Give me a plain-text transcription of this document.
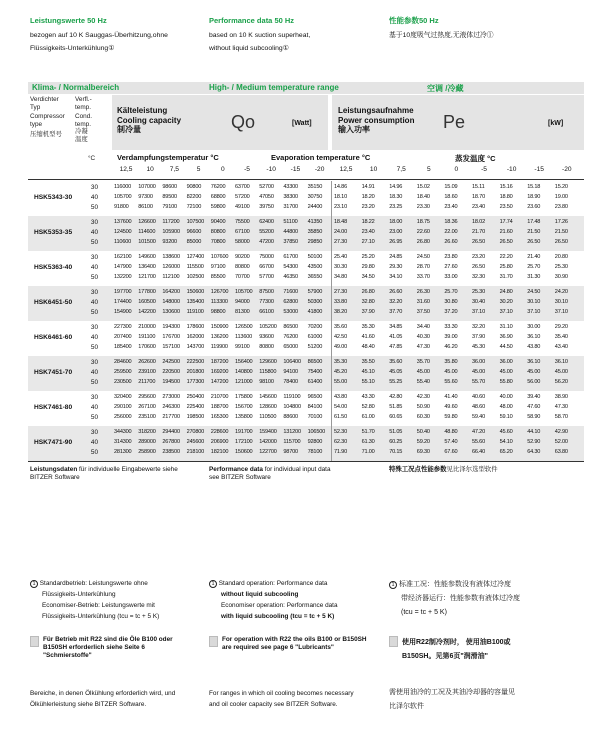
Leistungswerte 50 Hz
bezogen auf 10 K Sauggas-Überhitzung,ohne
Flüssigkeits-Unterkühlung①
Performance data 50 Hz
based on 10 K suction superheat,
without liquid subcooling①
性能参数50 Hz
基于10度吸气过热度,无液体过冷①
Klima- / Normalbereich	High- / Medium temperature range	空调 /冷藏
Verdichter
Typ
Compressor
type
压缩机型号
Verfl.-
temp.
Cond.
temp.
冷凝
温度
°C
Kälteleistung
Cooling capacity
制冷量	Qo	[Watt]
Leistungsaufnahme
Power consumption
输入功率	Pe	[kW]
Verdampfungstemperatur °C	Evaporation temperature °C	蒸发温度 °C
12,5	10	7,5	5	0	-5	-10	-15	-20	12,5	10	7,5	5	0	-5	-10	-15	-20
HSK5343-30
30	116000 107000 98600 90800 76200 63700 52700 43300 35150 14.86	14.91	14.96	15.02	15.09	15.11	15.16	15.18	15.20
40	105700 97300 89500 82200 68800 57200 47050 38300 30750 18.10	18.20	18.30	18.40	18.60	18.70	18.80	18.90	19.00
50	91800 86100 79100 72100 59800 49100 39750 31700 24400 23.10	23.20	23.25	23.30	23.40	23.40	23.50	23.60	23.80
HSK5353-35
30	137600 126600 117200 107500 90400 75500 62400 51100 41350 18.48	18.22	18.00	18.75	18.36	18.02	17.74	17.48	17.26
40	124500 114600 105900 96600 80800 67100 55200 44800 35850 24.00	23.40	23.00	22.60	22.00	21.70	21.60	21.50	21.50
50	110600 101500 93200 85000 70800 58000 47200 37850 29850 27.30	27.10	26.95	26.80	26.60	26.50	26.50	26.50	26.50
HSK5363-40
30	162100 149600 138600 127400 107600 90200 75000 61700 50100 25.40	25.20	24.85	24.50	23.80	23.20	22.20	21.40	20.80
40	147900 136400 126000 115500 97100 80800 66700 54300 43500 30.30	29.80	29.30	28.70	27.60	26.50	25.80	25.70	25.30
50	132200 121700 112100 102500 85500 70700 57700 46350 36550 34.80	34.50	34.10	33.70	33.00	32.30	31.70	31.30	30.90
HSK6451-50
30	197700 177800 164200 150600 126700 105700 87500 71600 57900 27.30	26.80	26.60	26.30	25.70	25.30	24.80	24.50	24.20
40	174400 160500 148000 135400 113300 94000 77300 62800 50300 33.80	32.80	32.20	31.60	30.80	30.40	30.20	30.10	30.10
50	154900 142200 130600 119100 98800 81300 66100 53000 41800 38.20	37.90	37.70	37.50	37.20	37.10	37.10	37.10	37.10
HSK6461-60
30	227300 210000 194300 178600 150900 126500 105200 86500 70200 35.60	35.30	34.85	34.40	33.30	32.20	31.10	30.00	29.20
40	207400 191100 176700 162000 136200 113600 93600 76200 61000 42.50	41.60	41.05	40.30	39.00	37.90	36.90	36.10	35.40
50	185400 170600 157100 143700 119900 99100 80800 65000 51200 49.00	48.40	47.85	47.30	46.20	45.30	44.50	43.80	43.40
HSK7451-70
30	284600 262600 242500 222500 187200 156400 129600 106400 86500 35.30	35.50	35.60	35.70	35.80	36.00	36.00	36.10	36.10
40	259500 239100 220500 201800 169200 140800 115800 94100 75400 45.20	45.10	45.05	45.00	45.00	45.00	45.00	45.00	45.00
50	230500 211700 194500 177300 147200 121000 98100 78400 61400 55.00	55.10	55.25	55.40	55.60	55.70	55.80	56.00	56.20
HSK7461-80
30	320400 295600 273000 250400 210700 175800 145600 119100 96500 43.80	43.30	42.80	42.30	41.40	40.60	40.00	39.40	38.90
40	290100 267100 246300 225400 188700 156700 128600 104800 84100 54.00	52.80	51.85	50.90	49.60	48.60	48.00	47.60	47.30
50	256000 235100 217700 198500 165300 135800 110500 88600 70100 61.50	61.00	60.65	60.30	59.80	59.40	59.10	58.90	58.70
HSK7471-90
30	344300 318200 294400 270800 228600 191700 159400 131200 106500 52.30	51.70	51.05	50.40	48.80	47.20	45.60	44.10	42.90
40	314300 289000 267800 245600 206900 172100 142000 115700 92800 62.30	61.30	60.25	59.20	57.40	55.60	54.10	52.90	52.00
50	281300 258900 238500 218100 182100 150600 122700 98700 78100 71.90	71.00	70.15	69.30	67.60	66.40	65.20	64.30	63.80
Leistungsdaten für individuelle Eingabewerte siehe
BITZER Software
Performance data for individual input data
see BITZER Software
特殊工况点性能参数见比泽尔选型软件
1 Standardbetrieb: Leistungswerte ohne
Flüssigkeits-Unterkühlung
Economiser-Betrieb: Leistungswerte mit
Flüssigkeits-Unterkühlung (tcu = tc + 5 K)
1 Standard operation: Performance data
without liquid subcooling
Economiser operation: Performance data
with liquid subcooling (tcu = tc + 5 K)
1 标准工况：性能参数没有液体过冷度
带经济器运行：性能参数有液体过冷度
(tcu = tc + 5 K)
Für Betrieb mit R22 sind die Öle B100 oder B150SH erforderlich siehe Seite 6 "Schmierstoffe"
For operation with R22 the oils B100 or B150SH are required see page 6 "Lubricants"
使用R22制冷剂时， 使用油B100或
B150SH。见第6页"润滑油"
Bereiche, in denen Ölkühlung erforderlich wird, und
Ölkühlerleistung siehe BITZER Software.
For ranges in which oil cooling becomes necessary
and oil cooler capacity see BITZER Software.
需使用油冷的工况及其油冷却器的容量见
比泽尔软件
